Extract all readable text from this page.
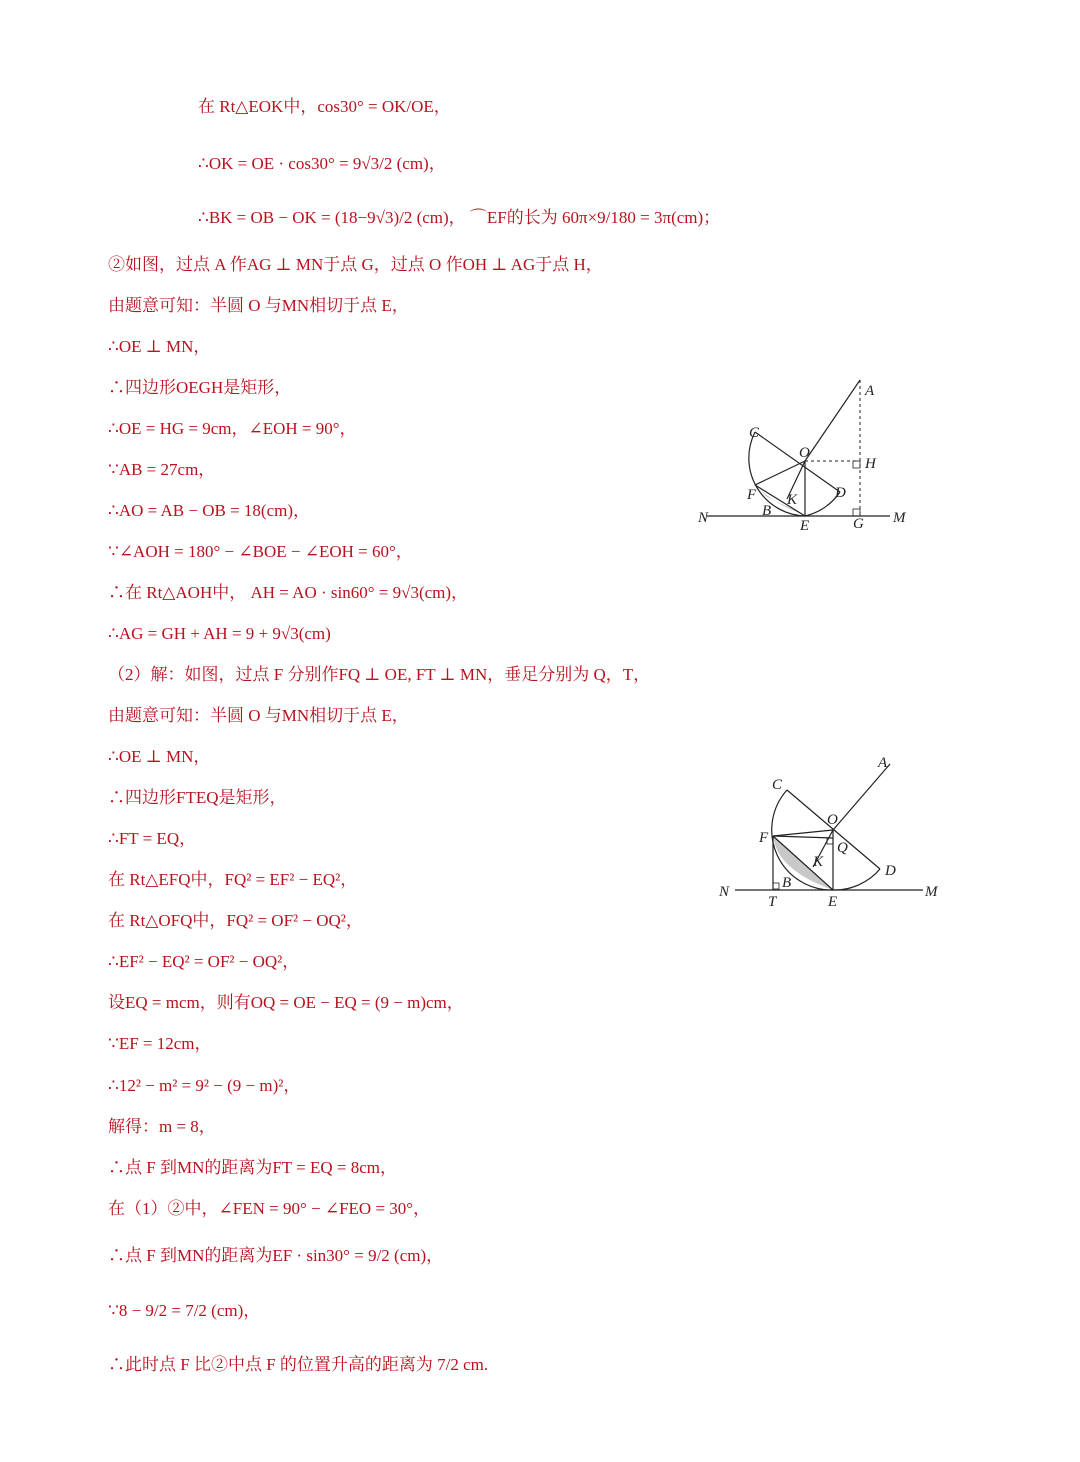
在 Rt△EOK中，cos30° = OK/OE，
∴OK = OE · cos30° = 9√3/2 (cm)，
∴BK = OB − OK = (18−9√3)/2 (cm)， ⌒EF的长为 60π×9/180 = 3π(cm)；
②如图，过点 A 作AG ⊥ MN于点 G，过点 O 作OH ⊥ AG于点 H，
由题意可知：半圆 O 与MN相切于点 E，
∴OE ⊥ MN，
∴四边形OEGH是矩形，
∴OE = HG = 9cm，∠EOH = 90°，
∵AB = 27cm，
∴AO = AB − OB = 18(cm)，
∵∠AOH = 180° − ∠BOE − ∠EOH = 60°，
∴在 Rt△AOH中， AH = AO · sin60° = 9√3(cm)，
∴AG = GH + AH = 9 + 9√3(cm)
（2）解：如图，过点 F 分别作FQ ⊥ OE, FT ⊥ MN，垂足分别为 Q，T，
由题意可知：半圆 O 与MN相切于点 E，
∴OE ⊥ MN，
∴四边形FTEQ是矩形，
∴FT = EQ，
在 Rt△EFQ中，FQ² = EF² − EQ²，
在 Rt△OFQ中，FQ² = OF² − OQ²，
∴EF² − EQ² = OF² − OQ²，
设EQ = mcm，则有OQ = OE − EQ = (9 − m)cm，
∵EF = 12cm，
∴12² − m² = 9² − (9 − m)²，
解得：m = 8，
∴点 F 到MN的距离为FT = EQ = 8cm，
在（1）②中，∠FEN = 90° − ∠FEO = 30°，
∴点 F 到MN的距离为EF · sin30° = 9/2 (cm)，
∵8 − 9/2 = 7/2 (cm)，
∴此时点 F 比②中点 F 的位置升高的距离为 7/2 cm.
A
C
O
H
F K	D
B
E	G
N	M
A
C
O
F
Q
K
D
B
N
T	E
M
